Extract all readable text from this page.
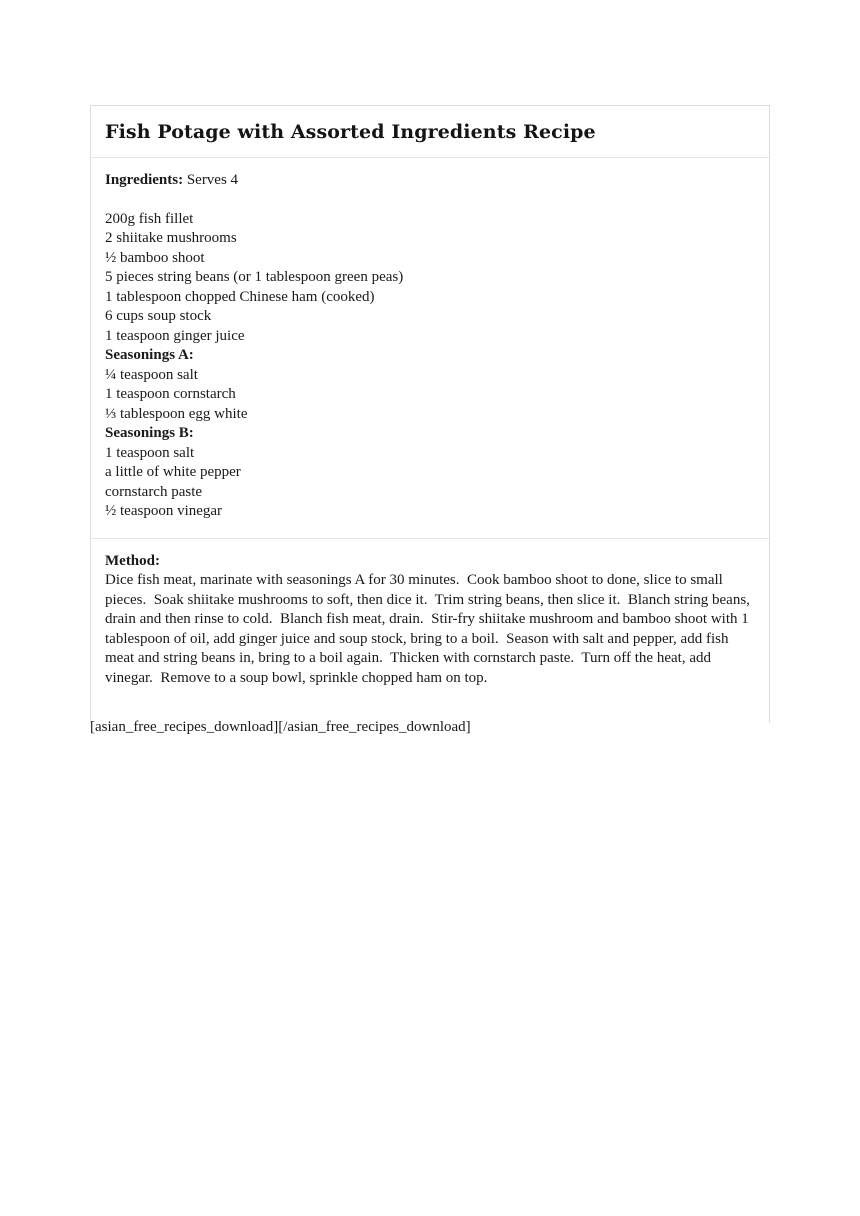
Fish Potage with Assorted Ingredients Recipe

Ingredients: Serves 4

200g fish fillet
2 shiitake mushrooms
½ bamboo shoot
5 pieces string beans (or 1 tablespoon green peas)
1 tablespoon chopped Chinese ham (cooked)
6 cups soup stock
1 teaspoon ginger juice
Seasonings A:
¼ teaspoon salt
1 teaspoon cornstarch
⅓ tablespoon egg white
Seasonings B:
1 teaspoon salt
a little of white pepper
cornstarch paste
½ teaspoon vinegar

Method:

Dice fish meat, marinate with seasonings A for 30 minutes.  Cook bamboo shoot to done, slice to small pieces.  Soak shiitake mushrooms to soft, then dice it.  Trim string beans, then slice it.  Blanch string beans, drain and then rinse to cold.  Blanch fish meat, drain.  Stir-fry shiitake mushroom and bamboo shoot with 1 tablespoon of oil, add ginger juice and soup stock, bring to a boil.  Season with salt and pepper, add fish meat and string beans in, bring to a boil again.  Thicken with cornstarch paste.  Turn off the heat, add vinegar.  Remove to a soup bowl, sprinkle chopped ham on top.

[asian_free_recipes_download][/asian_free_recipes_download]
